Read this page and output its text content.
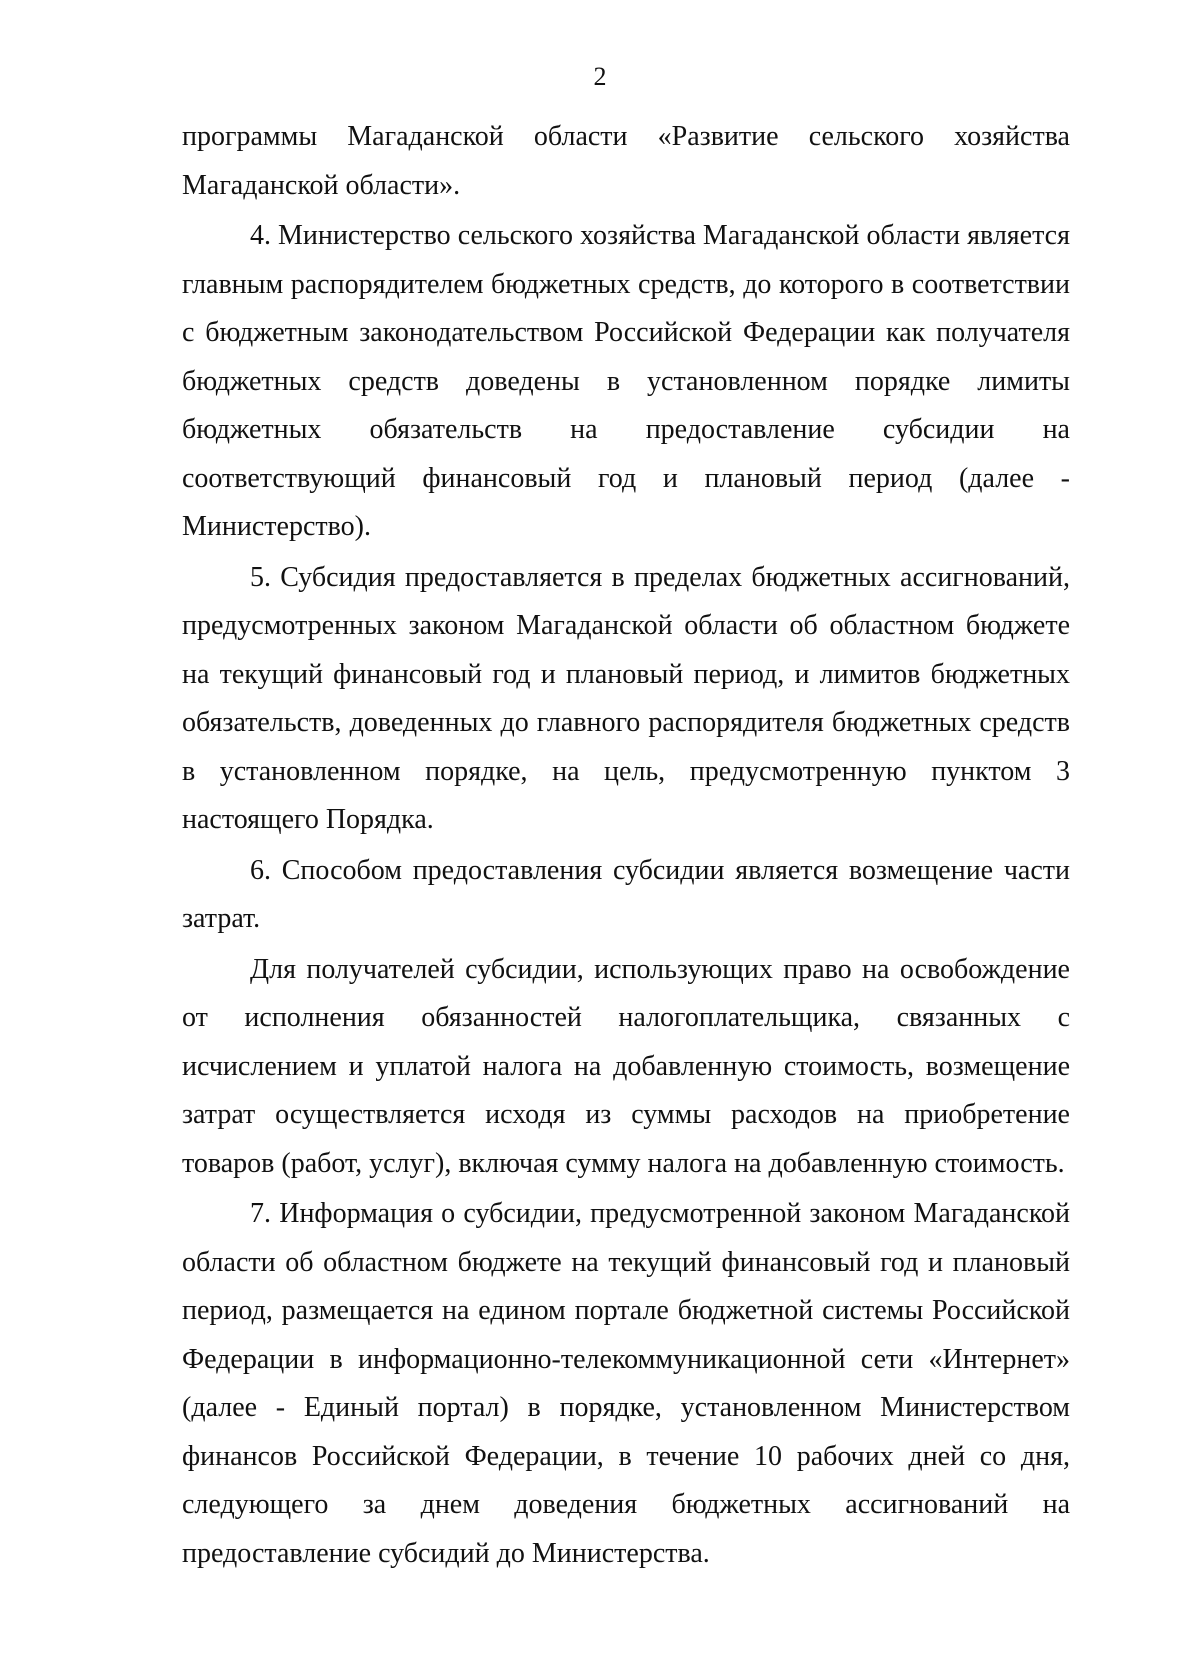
2

программы Магаданской области «Развитие сельского хозяйства Магаданской области».

4. Министерство сельского хозяйства Магаданской области является главным распорядителем бюджетных средств, до которого в соответствии с бюджетным законодательством Российской Федерации как получателя бюджетных средств доведены в установленном порядке лимиты бюджетных обязательств на предоставление субсидии на соответствующий финансовый год и плановый период (далее - Министерство).

5. Субсидия предоставляется в пределах бюджетных ассигнований, предусмотренных законом Магаданской области об областном бюджете на текущий финансовый год и плановый период, и лимитов бюджетных обязательств, доведенных до главного распорядителя бюджетных средств в установленном порядке, на цель, предусмотренную пунктом 3 настоящего Порядка.

6. Способом предоставления субсидии является возмещение части затрат.

Для получателей субсидии, использующих право на освобождение от исполнения обязанностей налогоплательщика, связанных с исчислением и уплатой налога на добавленную стоимость, возмещение затрат осуществляется исходя из суммы расходов на приобретение товаров (работ, услуг), включая сумму налога на добавленную стоимость.

7. Информация о субсидии, предусмотренной законом Магаданской области об областном бюджете на текущий финансовый год и плановый период, размещается на едином портале бюджетной системы Российской Федерации в информационно-телекоммуникационной сети «Интернет» (далее - Единый портал) в порядке, установленном Министерством финансов Российской Федерации, в течение 10 рабочих дней со дня, следующего за днем доведения бюджетных ассигнований на предоставление субсидий до Министерства.
